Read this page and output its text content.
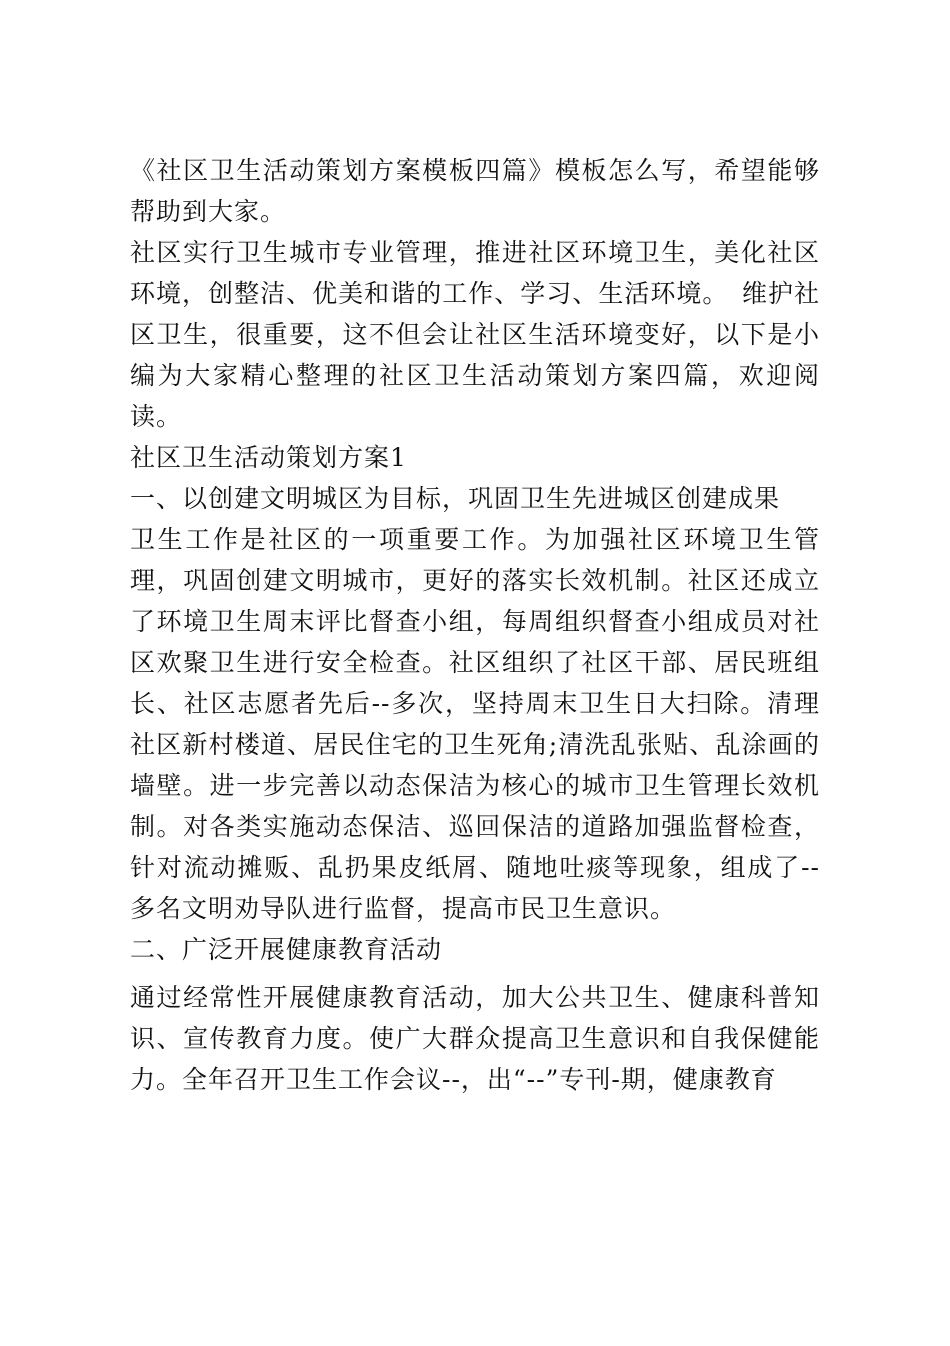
《社区卫生活动策划方案模板四篇》模板怎么写，希望能够帮助到大家。

社区实行卫生城市专业管理，推进社区环境卫生，美化社区环境，创整洁、优美和谐的工作、学习、生活环境。　维护社区卫生，很重要，这不但会让社区生活环境变好，以下是小编为大家精心整理的社区卫生活动策划方案四篇，欢迎阅读。

社区卫生活动策划方案1

一、以创建文明城区为目标，巩固卫生先进城区创建成果

卫生工作是社区的一项重要工作。为加强社区环境卫生管理，巩固创建文明城市，更好的落实长效机制。社区还成立了环境卫生周末评比督查小组，每周组织督查小组成员对社区欢聚卫生进行安全检查。社区组织了社区干部、居民班组长、社区志愿者先后--多次，坚持周末卫生日大扫除。清理社区新村楼道、居民住宅的卫生死角;清洗乱张贴、乱涂画的墙壁。进一步完善以动态保洁为核心的城市卫生管理长效机制。对各类实施动态保洁、巡回保洁的道路加强监督检查，针对流动摊贩、乱扔果皮纸屑、随地吐痰等现象，组成了--多名文明劝导队进行监督，提高市民卫生意识。

二、广泛开展健康教育活动

通过经常性开展健康教育活动，加大公共卫生、健康科普知识、宣传教育力度。使广大群众提高卫生意识和自我保健能力。全年召开卫生工作会议--，出“--”专刊-期，健康教育
